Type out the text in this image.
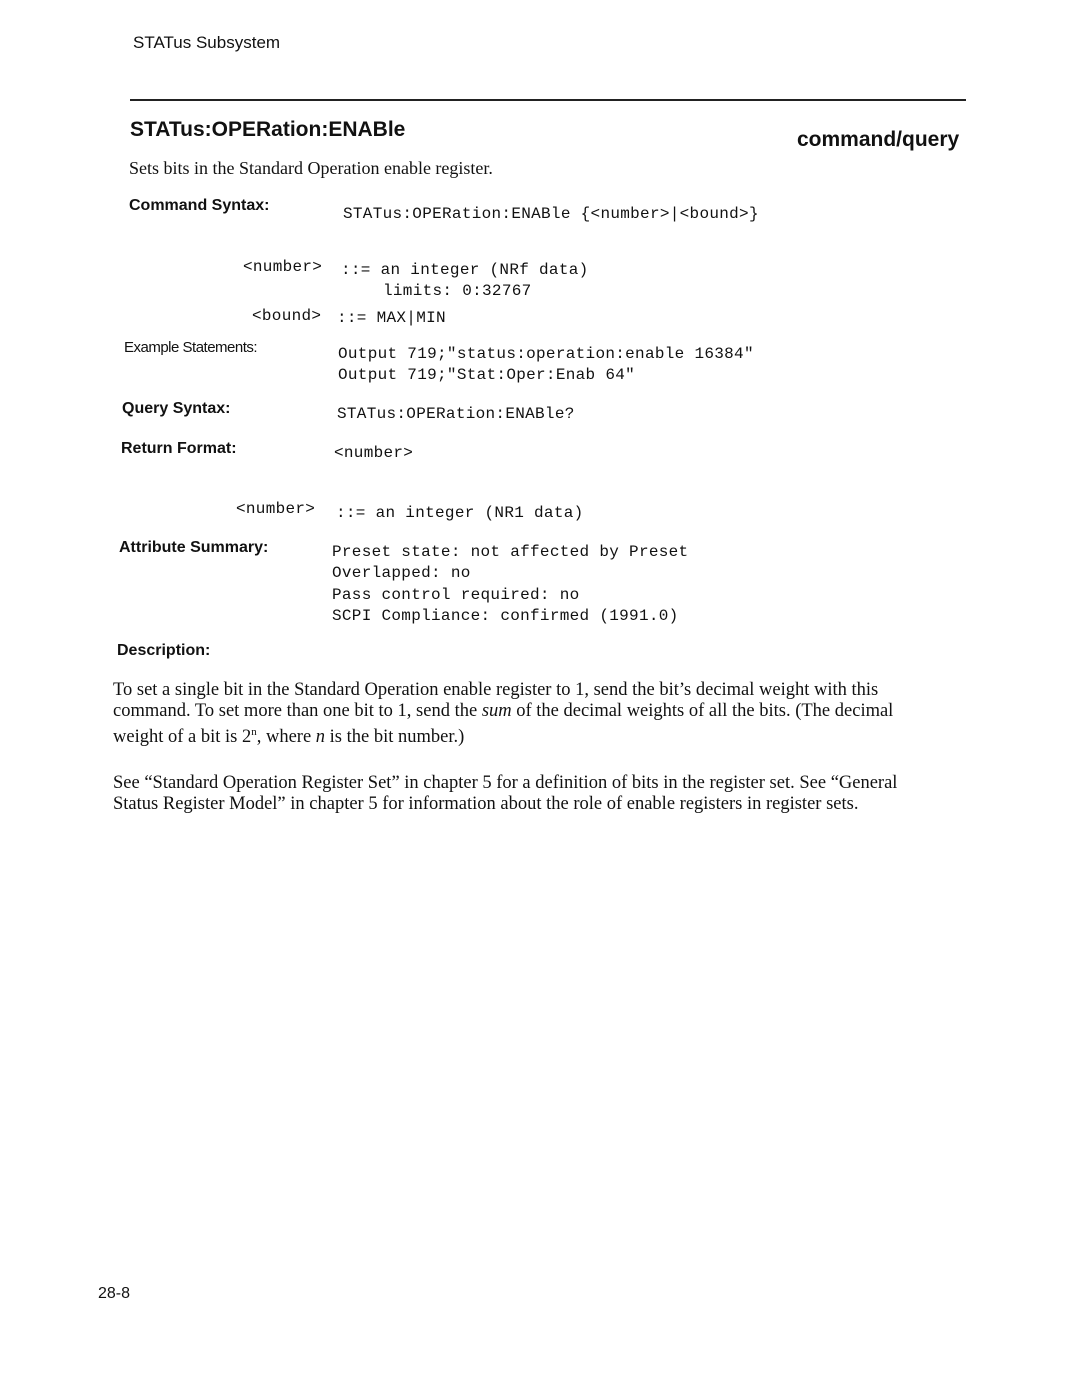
STATus Subsystem
STATus:OPERation:ENABle	command/query
Sets bits in the Standard Operation enable register.
Command Syntax:	STATus:OPERation:ENABle {<number>|<bound>}
<number> ::= an integer (NRf data)
limits: 0:32767
<bound> ::= MAX|MIN
Example Statements:	Output 719;"status:operation:enable 16384"
Output 719;"Stat:Oper:Enab 64"
Query Syntax:	STATus:OPERation:ENABle?
Return Format:	<number>
<number> ::= an integer (NR1 data)
Attribute Summary:	Preset state: not affected by Preset
Overlapped: no
Pass control required: no
SCPI Compliance: confirmed (1991.0)
Description:

To set a single bit in the Standard Operation enable register to 1, send the bit’s decimal weight with this command. To set more than one bit to 1, send the sum of the decimal weights of all the bits. (The decimal weight of a bit is 2$^n$, where n is the bit number.)

See “Standard Operation Register Set” in chapter 5 for a definition of bits in the register set. See “General Status Register Model” in chapter 5 for information about the role of enable registers in register sets.

28-8
